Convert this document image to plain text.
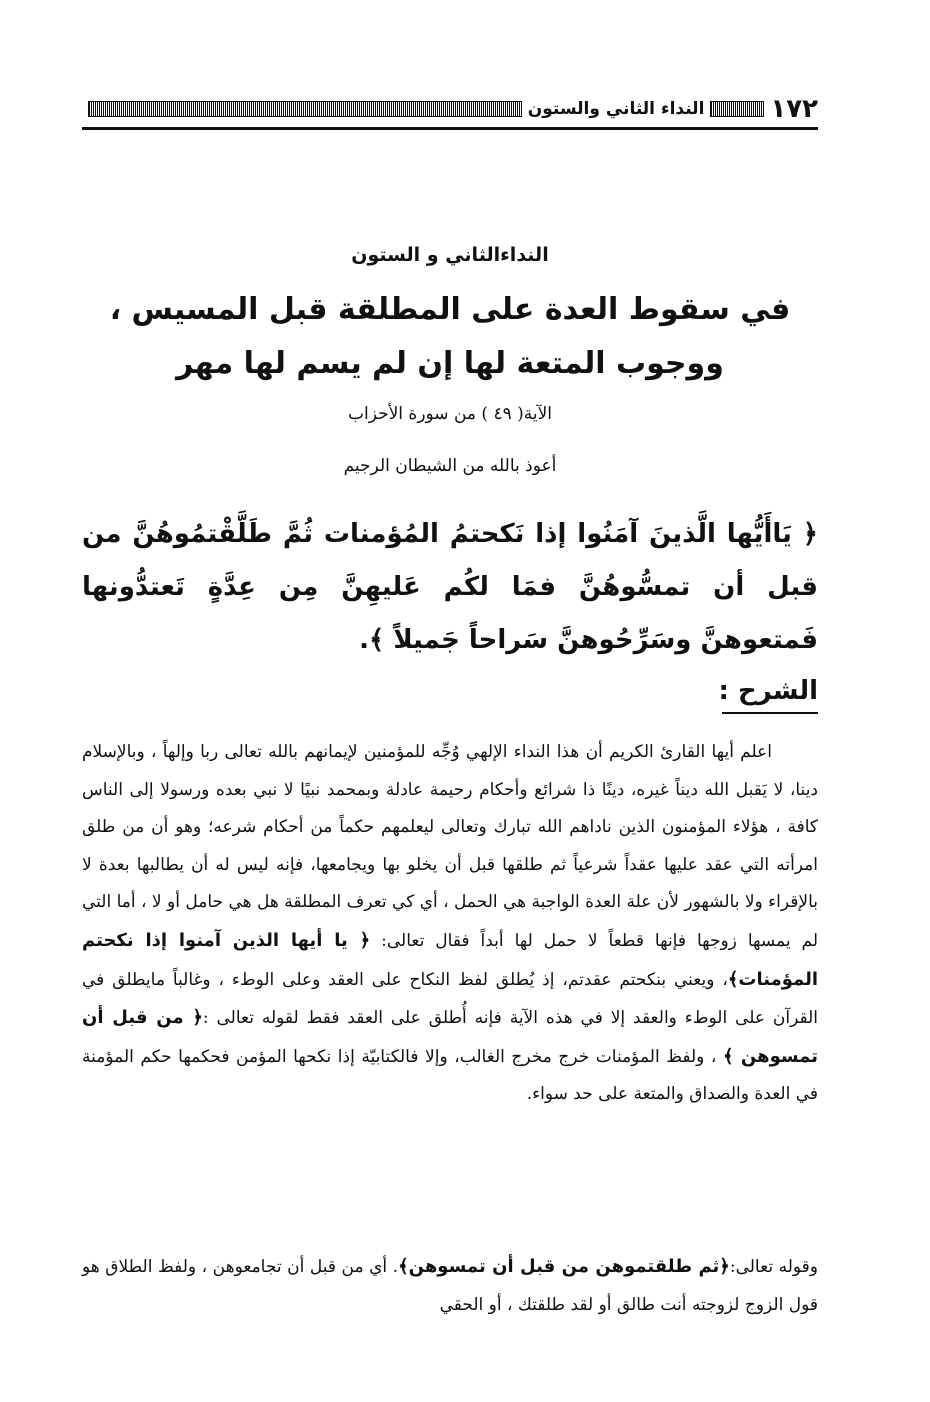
١٧٢
النداء الثاني والستون
النداءالثاني و الستون
في سقوط العدة على المطلقة قبل المسيس ،
ووجوب المتعة لها إن لم يسم لها مهر
الآية( ٤٩ ) من سورة الأحزاب
أعوذ بالله من الشيطان الرجيم
﴿ يَاأَيُّها الَّذينَ آمَنُوا إذا نَكحتمُ المُؤمنات ثُمَّ طَلَّقْتمُوهُنَّ من قبل أن تمسُّوهُنَّ فمَا لكُم عَليهِنَّ مِن عِدَّةٍ تَعتدُّونها فَمتعوهنَّ وسَرِّحُوهنَّ سَراحاً جَميلاً ﴾.
الشرح :
اعلم أيها القارئ الكريم أن هذا النداء الإلهي وُجِّه للمؤمنين لإيمانهم بالله تعالى ربا وإلهاً ، وبالإسلام دينا، لا يَقبل الله ديناً غيره، دينًا ذا شرائع وأحكام رحيمة عادلة وبمحمد نبيًا لا نبي بعده ورسولا إلى الناس كافة ، هؤلاء المؤمنون الذين ناداهم الله تبارك وتعالى ليعلمهم حكماً من أحكام شرعه؛ وهو أن من طلق امرأته التي عقد عليها عقداً شرعياً ثم طلقها قبل أن يخلو بها ويجامعها، فإنه ليس له أن يطالبها بعدة لا بالإقراء ولا بالشهور لأن علة العدة الواجبة هي الحمل ، أي كي تعرف المطلقة هل هي حامل أو لا ، أما التي لم يمسها زوجها فإنها قطعاً لا حمل لها أبداً فقال تعالى: ﴿ يا أيها الذين آمنوا إذا نكحتم المؤمنات﴾، ويعني بنكحتم عقدتم، إذ يُطلق لفظ النكاح على العقد وعلى الوطء ، وغالباً مايطلق في القرآن على الوطء والعقد إلا في هذه الآية فإنه أُطلق على العقد فقط لقوله تعالى :﴿ من قبل أن تمسوهن ﴾ ، ولفظ المؤمنات خرج مخرج الغالب، وإلا فالكتابيّة إذا نكحها المؤمن فحكمها حكم المؤمنة في العدة والصداق والمتعة على حد سواء.
وقوله تعالى:﴿ثم طلقتموهن من قبل أن تمسوهن﴾. أي من قبل أن تجامعوهن ، ولفظ الطلاق هو قول الزوج لزوجته أنت طالق أو لقد طلقتك ، أو الحقي
